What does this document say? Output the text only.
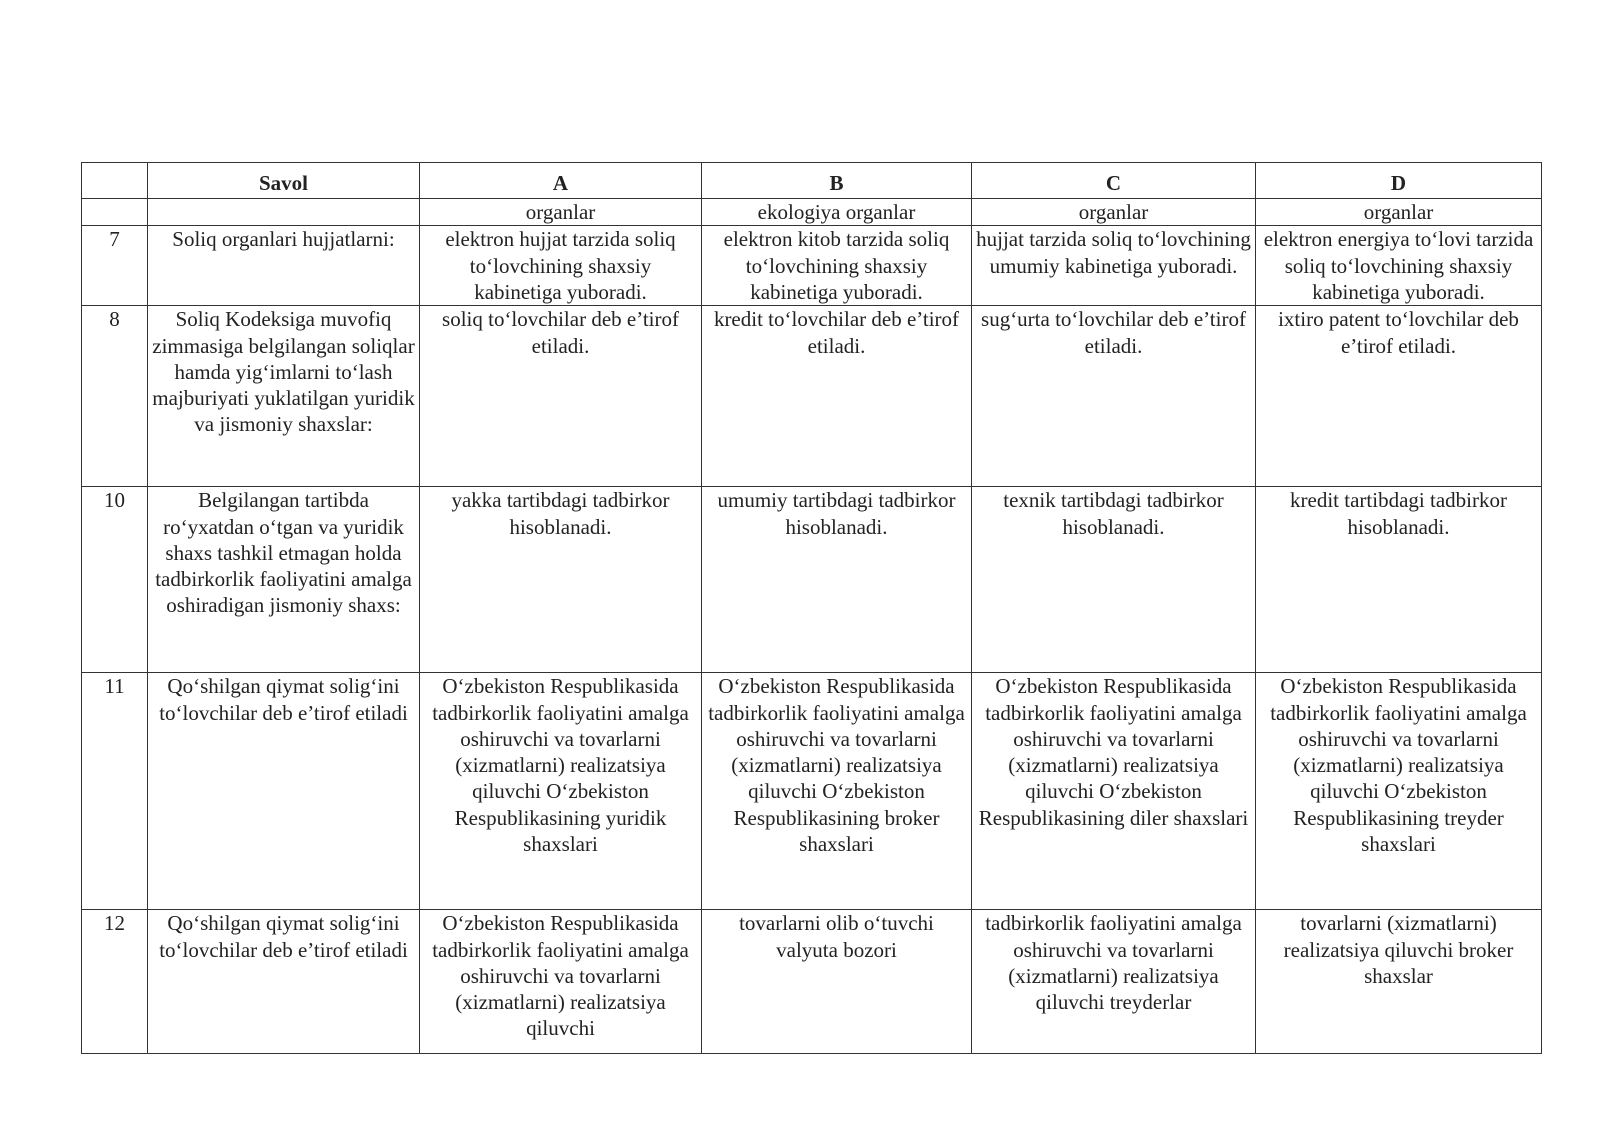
	Savol	A	B	C	D
		organlar	ekologiya organlar	organlar	organlar
7	Soliq organlari hujjatlarni:	elektron hujjat tarzida soliq to‘lovchining shaxsiy kabinetiga yuboradi.	elektron kitob tarzida soliq to‘lovchining shaxsiy kabinetiga yuboradi.	hujjat tarzida soliq to‘lovchining umumiy kabinetiga yuboradi.	elektron energiya to‘lovi tarzida soliq to‘lovchining shaxsiy kabinetiga yuboradi.
8	Soliq Kodeksiga muvofiq zimmasiga belgilangan soliqlar hamda yig‘imlarni to‘lash majburiyati yuklatilgan yuridik va jismoniy shaxslar:	soliq to‘lovchilar deb e’tirof etiladi.	kredit to‘lovchilar deb e’tirof etiladi.	sug‘urta to‘lovchilar deb e’tirof etiladi.	ixtiro patent to‘lovchilar deb e’tirof etiladi.
10	Belgilangan tartibda ro‘yxatdan o‘tgan va yuridik shaxs tashkil etmagan holda tadbirkorlik faoliyatini amalga oshiradigan jismoniy shaxs:	yakka tartibdagi tadbirkor hisoblanadi.	umumiy tartibdagi tadbirkor hisoblanadi.	texnik tartibdagi tadbirkor hisoblanadi.	kredit tartibdagi tadbirkor hisoblanadi.
11	Qo‘shilgan qiymat solig‘ini to‘lovchilar deb e’tirof etiladi	O‘zbekiston Respublikasida tadbirkorlik faoliyatini amalga oshiruvchi va tovarlarni (xizmatlarni) realizatsiya qiluvchi O‘zbekiston Respublikasining yuridik shaxslari	O‘zbekiston Respublikasida tadbirkorlik faoliyatini amalga oshiruvchi va tovarlarni (xizmatlarni) realizatsiya qiluvchi O‘zbekiston Respublikasining broker shaxslari	O‘zbekiston Respublikasida tadbirkorlik faoliyatini amalga oshiruvchi va tovarlarni (xizmatlarni) realizatsiya qiluvchi O‘zbekiston Respublikasining diler shaxslari	O‘zbekiston Respublikasida tadbirkorlik faoliyatini amalga oshiruvchi va tovarlarni (xizmatlarni) realizatsiya qiluvchi O‘zbekiston Respublikasining treyder shaxslari
12	Qo‘shilgan qiymat solig‘ini to‘lovchilar deb e’tirof etiladi	O‘zbekiston Respublikasida tadbirkorlik faoliyatini amalga oshiruvchi va tovarlarni (xizmatlarni) realizatsiya qiluvchi	tovarlarni olib o‘tuvchi valyuta bozori	tadbirkorlik faoliyatini amalga oshiruvchi va tovarlarni (xizmatlarni) realizatsiya qiluvchi treyderlar	tovarlarni (xizmatlarni) realizatsiya qiluvchi broker shaxslar
